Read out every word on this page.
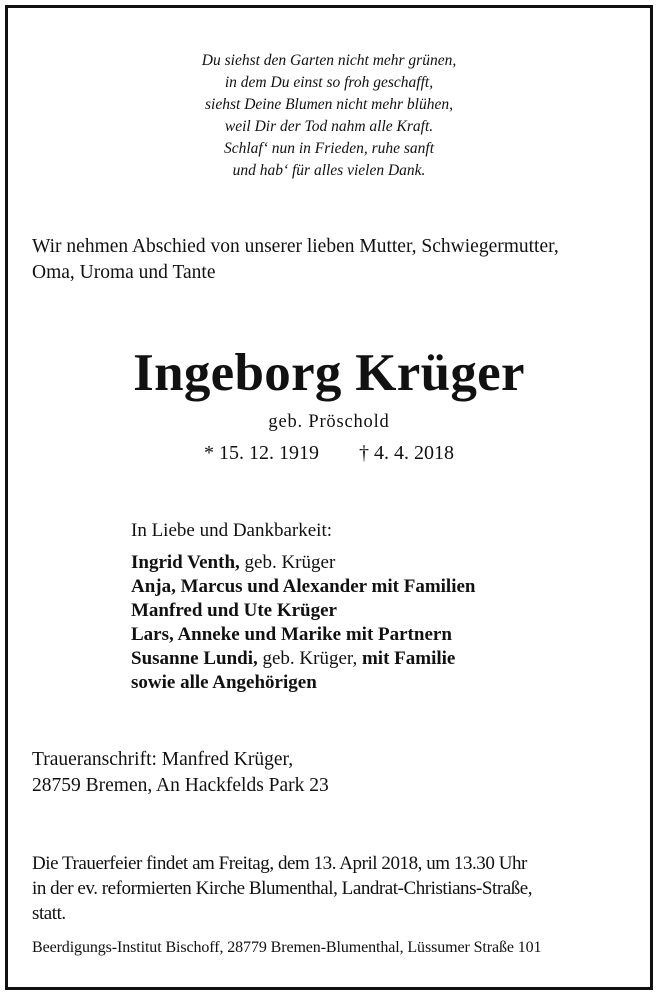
Du siehst den Garten nicht mehr grünen,
in dem Du einst so froh geschafft,
siehst Deine Blumen nicht mehr blühen,
weil Dir der Tod nahm alle Kraft.
Schlaf‘ nun in Frieden, ruhe sanft
und hab‘ für alles vielen Dank.
Wir nehmen Abschied von unserer lieben Mutter, Schwiegermutter,
Oma, Uroma und Tante
Ingeborg Krüger
geb. Pröschold
* 15. 12. 1919 † 4. 4. 2018
In Liebe und Dankbarkeit:
Ingrid Venth, geb. Krüger
Anja, Marcus und Alexander mit Familien
Manfred und Ute Krüger
Lars, Anneke und Marike mit Partnern
Susanne Lundi, geb. Krüger, mit Familie
sowie alle Angehörigen
Traueranschrift: Manfred Krüger,
28759 Bremen, An Hackfelds Park 23
Die Trauerfeier findet am Freitag, dem 13. April 2018, um 13.30 Uhr
in der ev. reformierten Kirche Blumenthal, Landrat-Christians-Straße,
statt.
Beerdigungs-Institut Bischoff, 28779 Bremen-Blumenthal, Lüssumer Straße 101
